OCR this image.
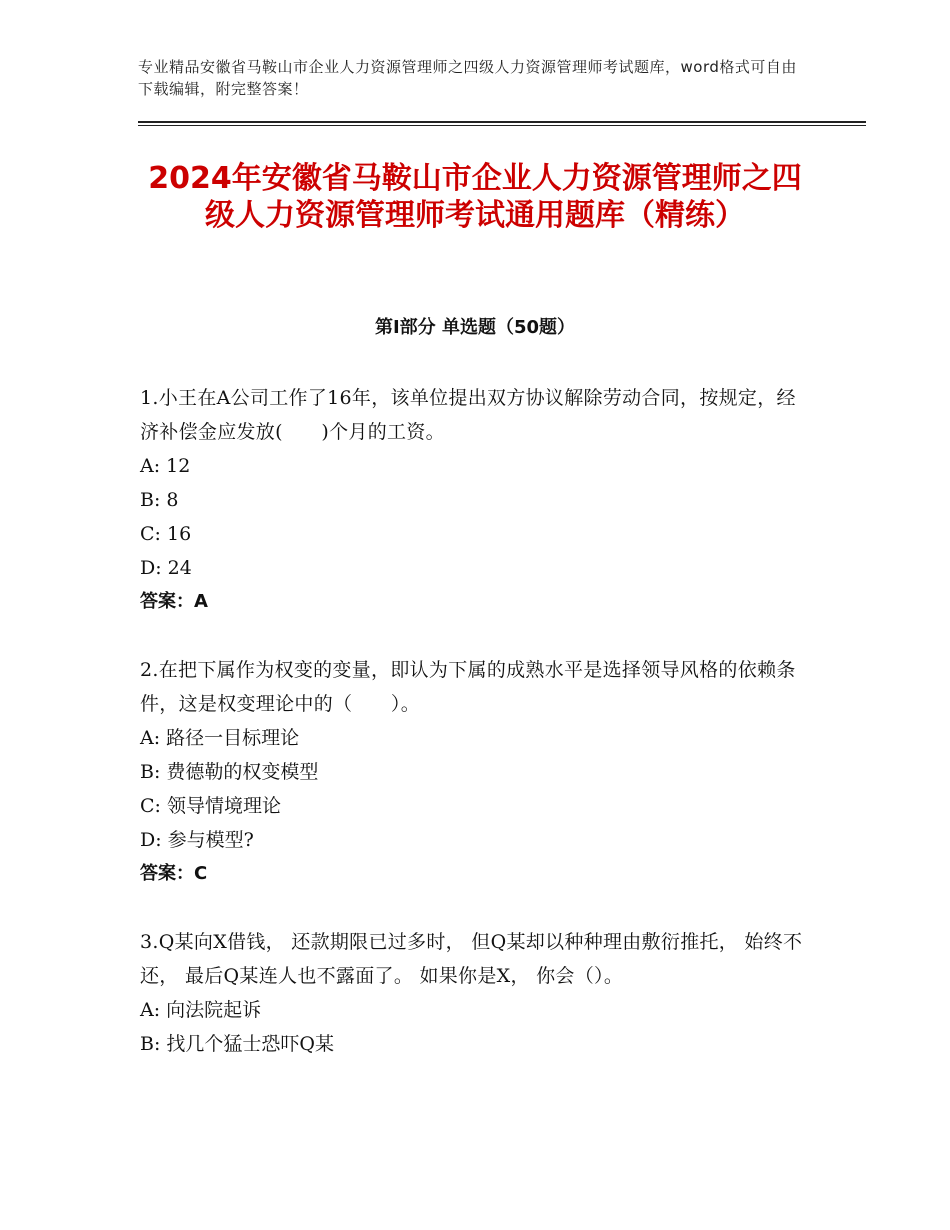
专业精品安徽省马鞍山市企业人力资源管理师之四级人力资源管理师考试题库，word格式可自由下载编辑，附完整答案！
2024年安徽省马鞍山市企业人力资源管理师之四级人力资源管理师考试通用题库（精练）
第Ⅰ部分 单选题（50题）
1.小王在A公司工作了16年，该单位提出双方协议解除劳动合同，按规定，经济补偿金应发放(　　)个月的工资。
A: 12
B: 8
C: 16
D: 24
答案：A
2.在把下属作为权变的变量，即认为下属的成熟水平是选择领导风格的依赖条件，这是权变理论中的（　　）。
A: 路径一目标理论
B: 费德勒的权变模型
C: 领导情境理论
D: 参与模型?
答案：C
3.Q某向X借钱， 还款期限已过多时， 但Q某却以种种理由敷衍推托， 始终不还， 最后Q某连人也不露面了。 如果你是X， 你会（）。
A: 向法院起诉
B: 找几个猛士恐吓Q某
